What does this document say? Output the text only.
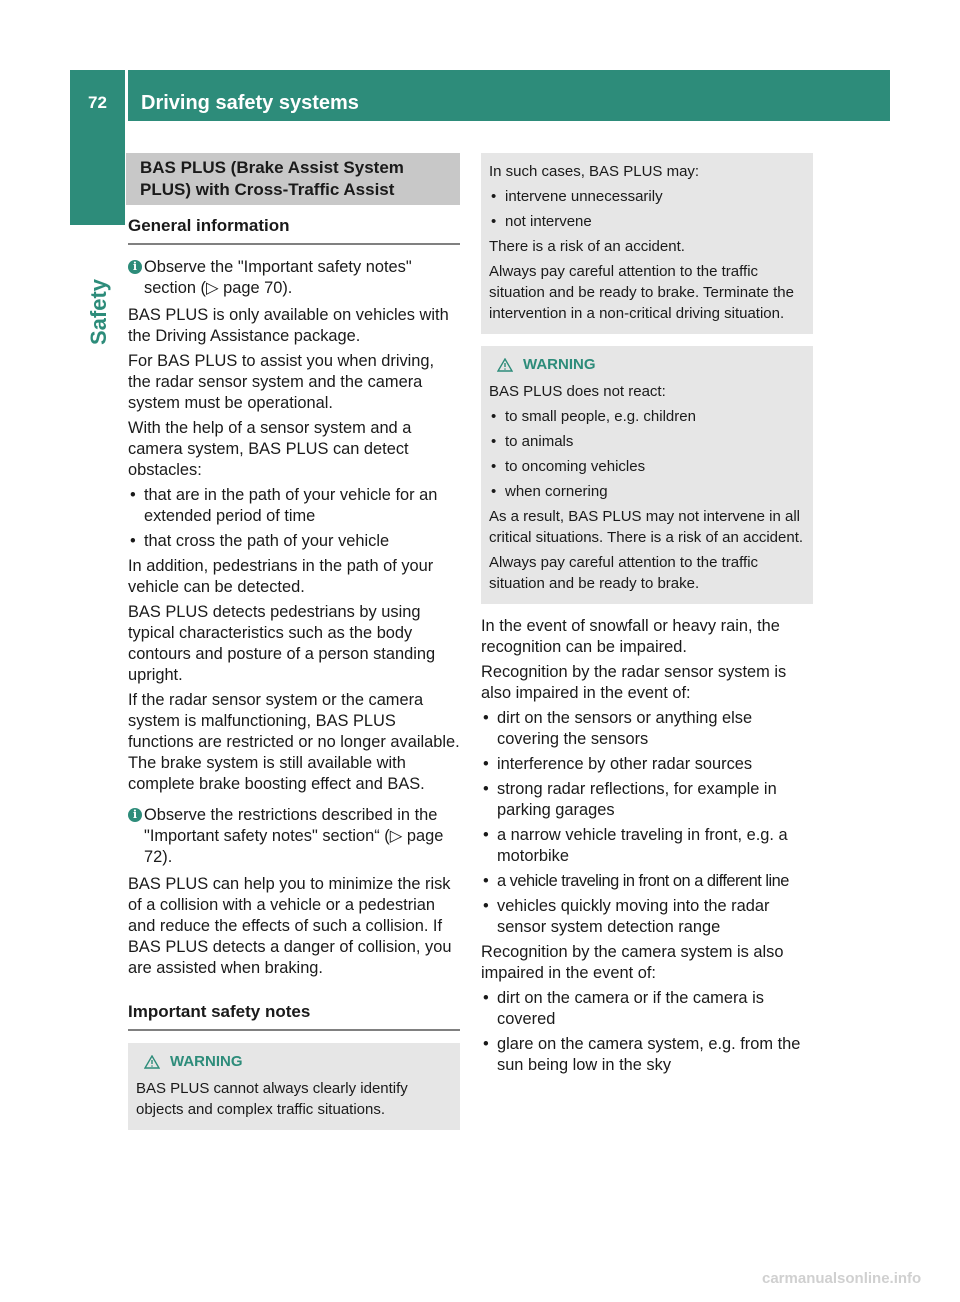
72	Driving safety systems
Safety
BAS PLUS (Brake Assist System PLUS) with Cross-Traffic Assist
General information
i Observe the "Important safety notes" section (▷ page 70).

BAS PLUS is only available on vehicles with the Driving Assistance package.

For BAS PLUS to assist you when driving, the radar sensor system and the camera system must be operational.

With the help of a sensor system and a camera system, BAS PLUS can detect obstacles:

• that are in the path of your vehicle for an extended period of time
• that cross the path of your vehicle

In addition, pedestrians in the path of your vehicle can be detected.

BAS PLUS detects pedestrians by using typical characteristics such as the body contours and posture of a person standing upright.

If the radar sensor system or the camera system is malfunctioning, BAS PLUS functions are restricted or no longer available. The brake system is still available with complete brake boosting effect and BAS.

i Observe the restrictions described in the "Important safety notes" section“ (▷ page 72).

BAS PLUS can help you to minimize the risk of a collision with a vehicle or a pedestrian and reduce the effects of such a collision. If BAS PLUS detects a danger of collision, you are assisted when braking.

Important safety notes
WARNING

BAS PLUS cannot always clearly identify objects and complex traffic situations.

In such cases, BAS PLUS may:

• intervene unnecessarily
• not intervene

There is a risk of an accident.

Always pay careful attention to the traffic situation and be ready to brake. Terminate the intervention in a non-critical driving situation.

WARNING

BAS PLUS does not react:

• to small people, e.g. children
• to animals
• to oncoming vehicles
• when cornering

As a result, BAS PLUS may not intervene in all critical situations. There is a risk of an accident.

Always pay careful attention to the traffic situation and be ready to brake.

In the event of snowfall or heavy rain, the recognition can be impaired.

Recognition by the radar sensor system is also impaired in the event of:

• dirt on the sensors or anything else covering the sensors
• interference by other radar sources
• strong radar reflections, for example in parking garages
• a narrow vehicle traveling in front, e.g. a motorbike
• a vehicle traveling in front on a different line
• vehicles quickly moving into the radar sensor system detection range

Recognition by the camera system is also impaired in the event of:

• dirt on the camera or if the camera is covered
• glare on the camera system, e.g. from the sun being low in the sky
carmanualsonline.info
